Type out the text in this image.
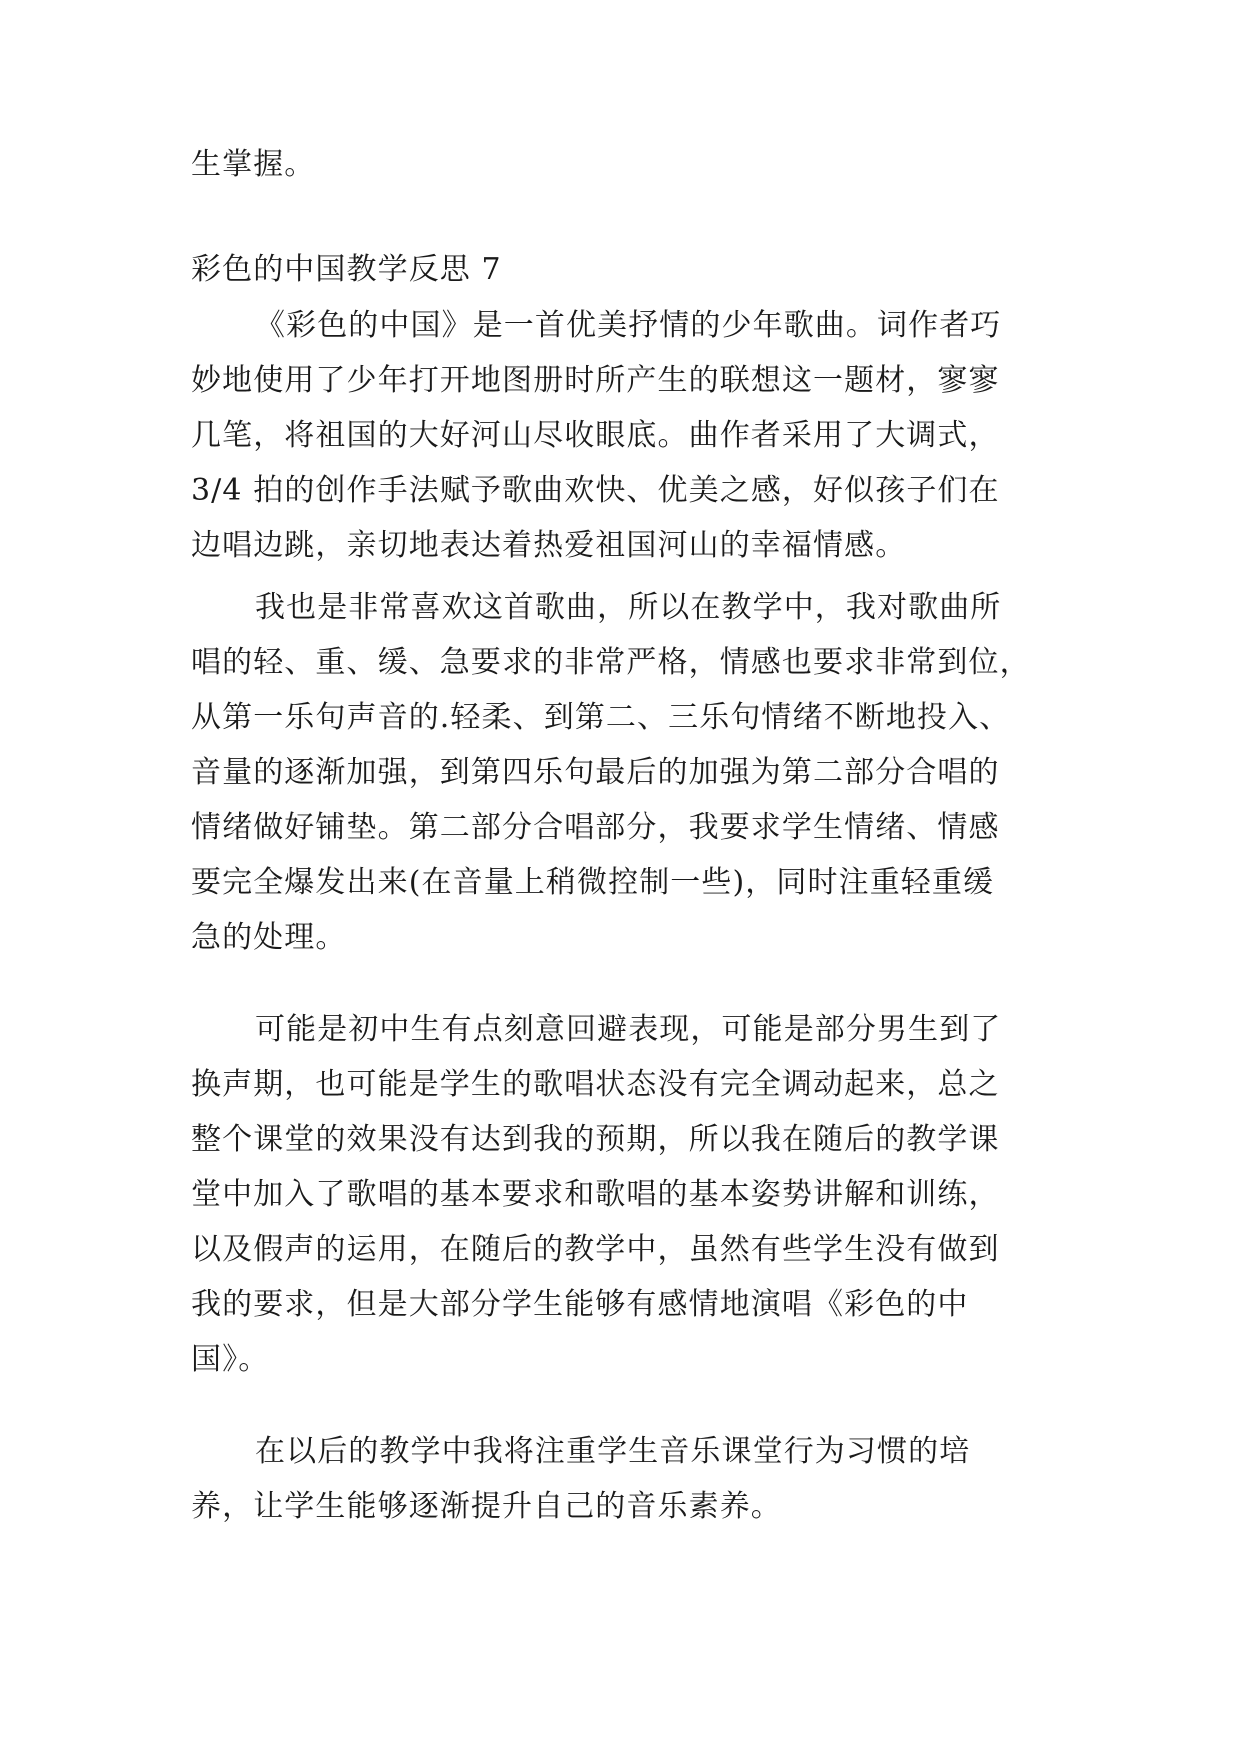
生掌握。
彩色的中国教学反思 7
《彩色的中国》是一首优美抒情的少年歌曲。词作者巧
妙地使用了少年打开地图册时所产生的联想这一题材，寥寥
几笔，将祖国的大好河山尽收眼底。曲作者采用了大调式，
3/4 拍的创作手法赋予歌曲欢快、优美之感，好似孩子们在
边唱边跳，亲切地表达着热爱祖国河山的幸福情感。
我也是非常喜欢这首歌曲，所以在教学中，我对歌曲所
唱的轻、重、缓、急要求的非常严格，情感也要求非常到位，
从第一乐句声音的.轻柔、到第二、三乐句情绪不断地投入、
音量的逐渐加强，到第四乐句最后的加强为第二部分合唱的
情绪做好铺垫。第二部分合唱部分，我要求学生情绪、情感
要完全爆发出来(在音量上稍微控制一些)，同时注重轻重缓
急的处理。
可能是初中生有点刻意回避表现，可能是部分男生到了
换声期，也可能是学生的歌唱状态没有完全调动起来，总之
整个课堂的效果没有达到我的预期，所以我在随后的教学课
堂中加入了歌唱的基本要求和歌唱的基本姿势讲解和训练，
以及假声的运用，在随后的教学中，虽然有些学生没有做到
我的要求，但是大部分学生能够有感情地演唱《彩色的中
国》。
在以后的教学中我将注重学生音乐课堂行为习惯的培
养，让学生能够逐渐提升自己的音乐素养。
